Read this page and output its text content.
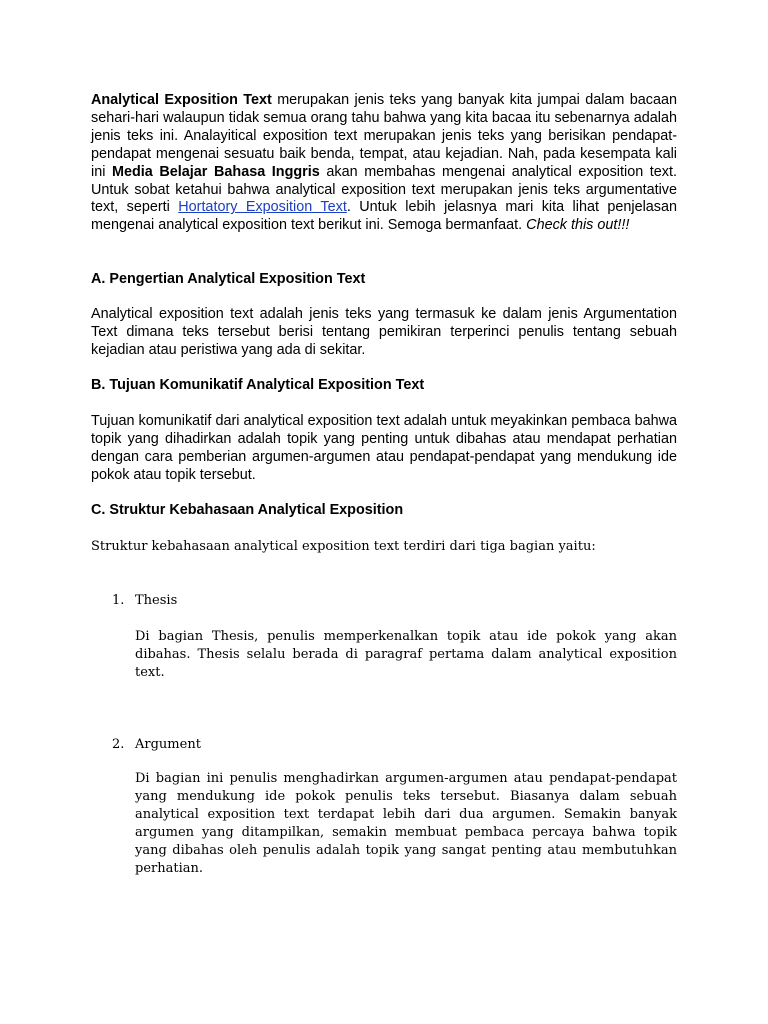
Analytical Exposition Text merupakan jenis teks yang banyak kita jumpai dalam bacaan sehari-hari walaupun tidak semua orang tahu bahwa yang kita bacaa itu sebenarnya adalah jenis teks ini. Analayitical exposition text merupakan jenis teks yang berisikan pendapat-pendapat mengenai sesuatu baik benda, tempat, atau kejadian. Nah, pada kesempata kali ini Media Belajar Bahasa Inggris akan membahas mengenai analytical exposition text. Untuk sobat ketahui bahwa analytical exposition text merupakan jenis teks argumentative text, seperti Hortatory Exposition Text. Untuk lebih jelasnya mari kita lihat penjelasan mengenai analytical exposition text berikut ini. Semoga bermanfaat. Check this out!!!

A. Pengertian Analytical Exposition Text

Analytical exposition text adalah jenis teks yang termasuk ke dalam jenis Argumentation Text dimana teks tersebut berisi tentang pemikiran terperinci penulis tentang sebuah kejadian atau peristiwa yang ada di sekitar.

B. Tujuan Komunikatif Analytical Exposition Text

Tujuan komunikatif dari analytical exposition text adalah untuk meyakinkan pembaca bahwa topik yang dihadirkan adalah topik yang penting untuk dibahas atau mendapat perhatian dengan cara pemberian argumen-argumen atau pendapat-pendapat yang mendukung ide pokok atau topik tersebut.

C. Struktur Kebahasaan Analytical Exposition

Struktur kebahasaan analytical exposition text terdiri dari tiga bagian yaitu:

1. Thesis

Di bagian Thesis, penulis memperkenalkan topik atau ide pokok yang akan dibahas. Thesis selalu berada di paragraf pertama dalam analytical exposition text.

2. Argument

Di bagian ini penulis menghadirkan argumen-argumen atau pendapat-pendapat yang mendukung ide pokok penulis teks tersebut. Biasanya dalam sebuah analytical exposition text terdapat lebih dari dua argumen. Semakin banyak argumen yang ditampilkan, semakin membuat pembaca percaya bahwa topik yang dibahas oleh penulis adalah topik yang sangat penting atau membutuhkan perhatian.
